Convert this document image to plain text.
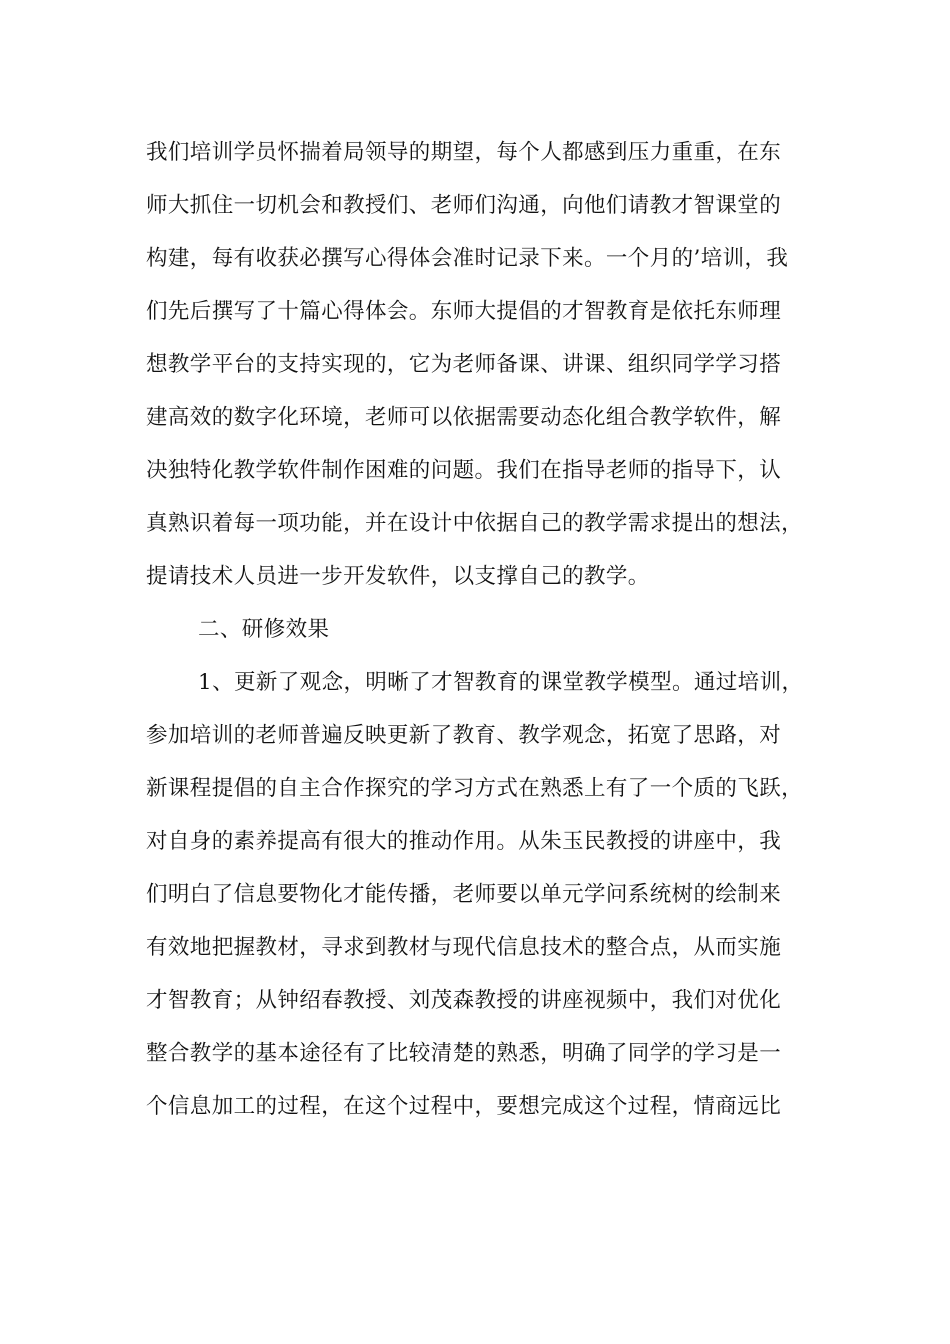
我们培训学员怀揣着局领导的期望，每个人都感到压力重重，在东
师大抓住一切机会和教授们、老师们沟通，向他们请教才智课堂的
构建，每有收获必撰写心得体会准时记录下来。一个月的’培训，我
们先后撰写了十篇心得体会。东师大提倡的才智教育是依托东师理
想教学平台的支持实现的，它为老师备课、讲课、组织同学学习搭
建高效的数字化环境，老师可以依据需要动态化组合教学软件，解
决独特化教学软件制作困难的问题。我们在指导老师的指导下，认
真熟识着每一项功能，并在设计中依据自己的教学需求提出的想法，
提请技术人员进一步开发软件，以支撑自己的教学。
二、研修效果
1、更新了观念，明晰了才智教育的课堂教学模型。通过培训，
参加培训的老师普遍反映更新了教育、教学观念，拓宽了思路，对
新课程提倡的自主合作探究的学习方式在熟悉上有了一个质的飞跃，
对自身的素养提高有很大的推动作用。从朱玉民教授的讲座中，我
们明白了信息要物化才能传播，老师要以单元学问系统树的绘制来
有效地把握教材，寻求到教材与现代信息技术的整合点，从而实施
才智教育；从钟绍春教授、刘茂森教授的讲座视频中，我们对优化
整合教学的基本途径有了比较清楚的熟悉，明确了同学的学习是一
个信息加工的过程，在这个过程中，要想完成这个过程，情商远比
